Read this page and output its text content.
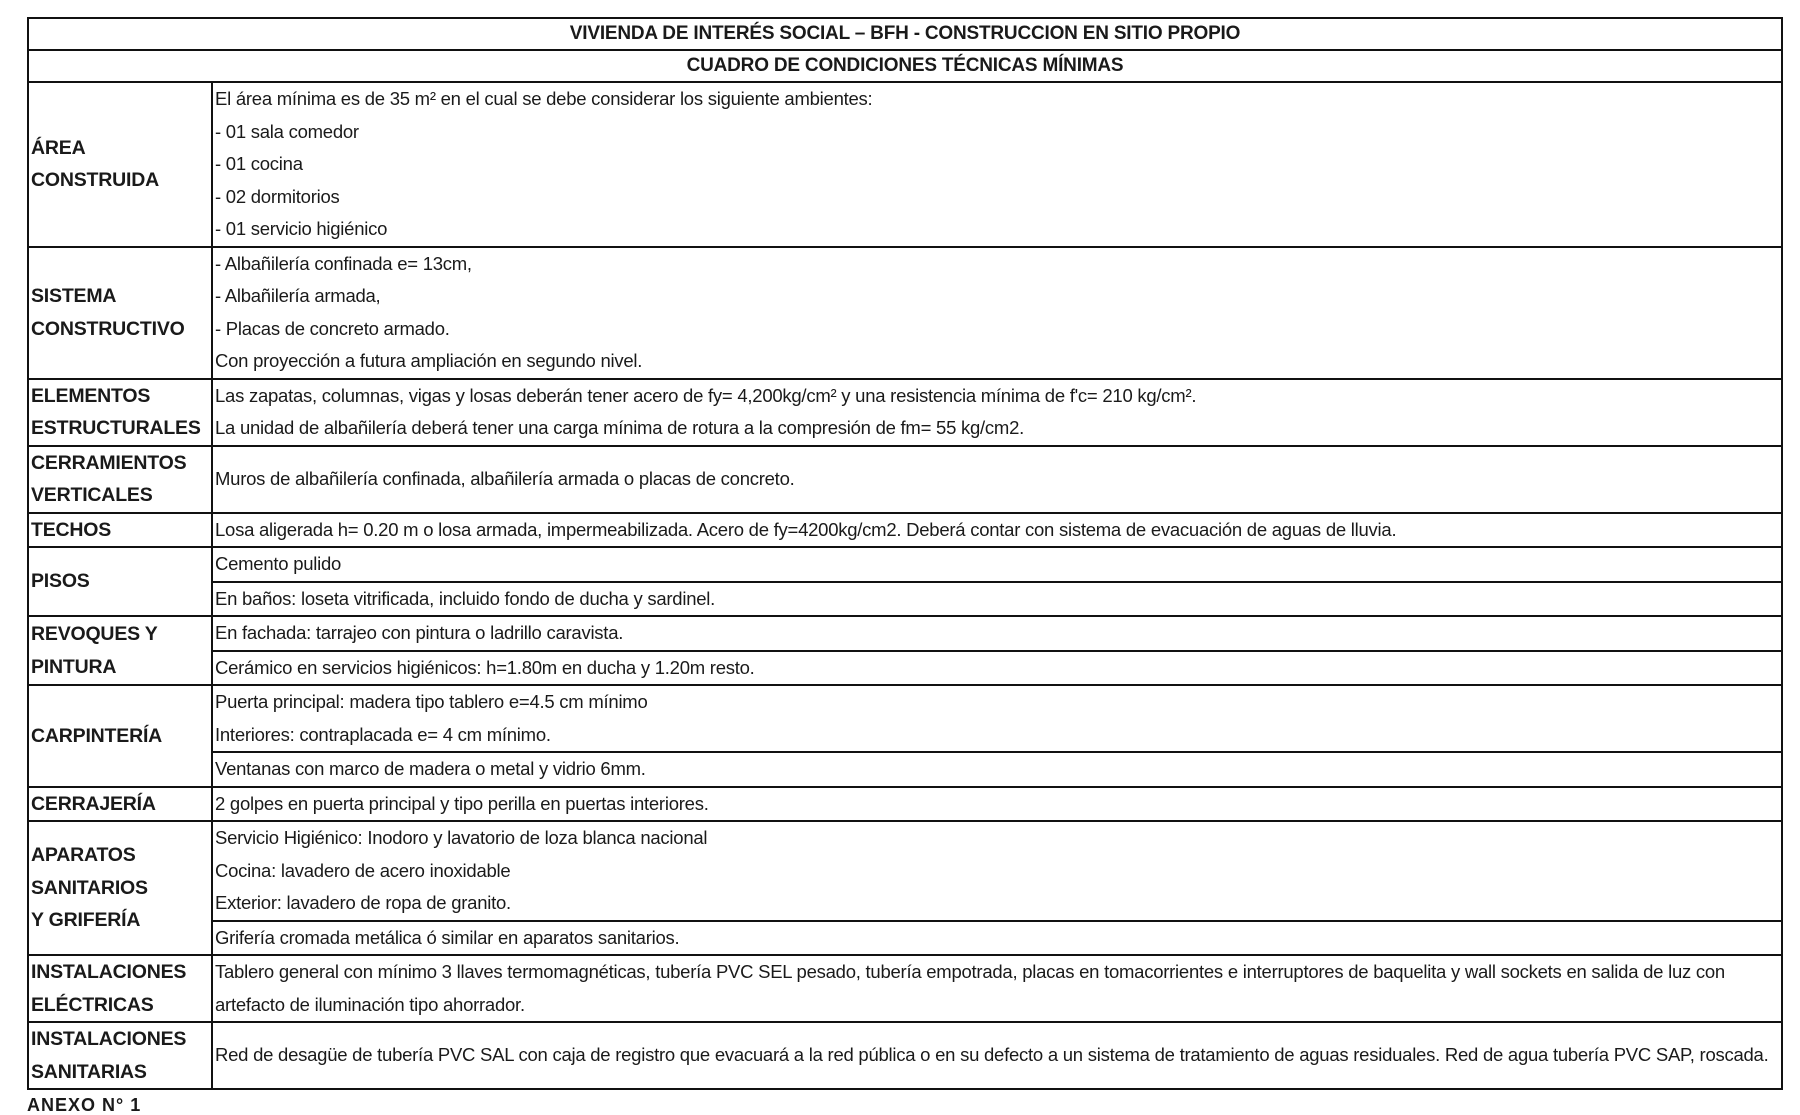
VIVIENDA DE INTERÉS SOCIAL – BFH - CONSTRUCCION EN SITIO PROPIO	
CUADRO DE CONDICIONES TÉCNICAS MÍNIMAS	

ÁREA
CONSTRUIDA	El área mínima es de 35 m² en el cual se debe considerar los siguiente ambientes:
- 01 sala comedor
- 01 cocina
- 02 dormitorios
- 01 servicio higiénico

SISTEMA
CONSTRUCTIVO	- Albañilería confinada e= 13cm,
- Albañilería armada,
- Placas de concreto armado.
Con proyección a futura ampliación en segundo nivel.

ELEMENTOS
ESTRUCTURALES	Las zapatas, columnas, vigas y losas deberán tener acero de fy= 4,200kg/cm² y una resistencia mínima de f'c= 210 kg/cm².
La unidad de albañilería deberá tener una carga mínima de rotura a la compresión de fm= 55 kg/cm2.

CERRAMIENTOS
VERTICALES	Muros de albañilería confinada, albañilería armada o placas de concreto.

TECHOS	Losa aligerada h= 0.20 m o losa armada, impermeabilizada. Acero de fy=4200kg/cm2. Deberá contar con sistema de evacuación de aguas de lluvia.

PISOS	Cemento pulido

	En baños: loseta vitrificada, incluido fondo de ducha y sardinel.

REVOQUES Y
PINTURA	En fachada: tarrajeo con pintura o ladrillo caravista.

	Cerámico en servicios higiénicos: h=1.80m en ducha y 1.20m resto.

CARPINTERÍA	Puerta principal: madera tipo tablero e=4.5 cm mínimo
Interiores: contraplacada e= 4 cm mínimo.

	Ventanas con marco de madera o metal y vidrio 6mm.

CERRAJERÍA	2 golpes en puerta principal y tipo perilla en puertas interiores.

APARATOS
SANITARIOS
Y GRIFERÍA	Servicio Higiénico: Inodoro y lavatorio de loza blanca nacional
Cocina: lavadero de acero inoxidable
Exterior: lavadero de ropa de granito.

	Grifería cromada metálica ó similar en aparatos sanitarios.

INSTALACIONES
ELÉCTRICAS	Tablero general con mínimo 3 llaves termomagnéticas, tubería PVC SEL pesado, tubería empotrada, placas en tomacorrientes e interruptores de baquelita y wall sockets en salida de luz con artefacto de iluminación tipo ahorrador.

INSTALACIONES
SANITARIAS	Red de desagüe de tubería PVC SAL con caja de registro que evacuará a la red pública o en su defecto a un sistema de tratamiento de aguas residuales. Red de agua tubería PVC SAP, roscada.
ANEXO N° 1
